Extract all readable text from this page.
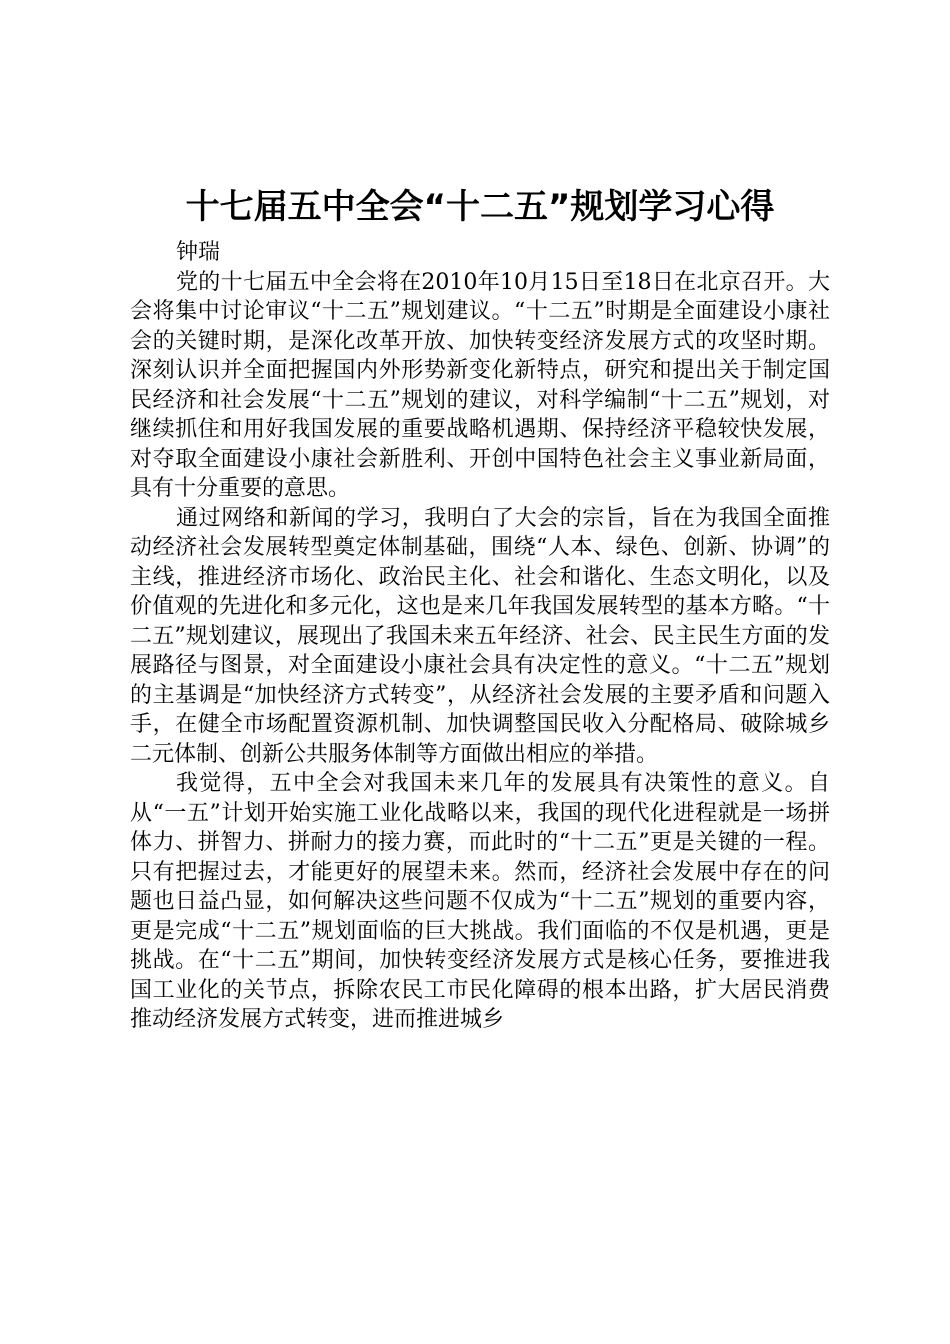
十七届五中全会“十二五”规划学习心得

钟瑞

党的十七届五中全会将在2010年10月15日至18日在北京召开。大会将集中讨论审议“十二五”规划建议。“十二五”时期是全面建设小康社会的关键时期，是深化改革开放、加快转变经济发展方式的攻坚时期。深刻认识并全面把握国内外形势新变化新特点，研究和提出关于制定国民经济和社会发展“十二五”规划的建议，对科学编制“十二五”规划，对继续抓住和用好我国发展的重要战略机遇期、保持经济平稳较快发展，对夺取全面建设小康社会新胜利、开创中国特色社会主义事业新局面，具有十分重要的意思。

通过网络和新闻的学习，我明白了大会的宗旨，旨在为我国全面推动经济社会发展转型奠定体制基础，围绕“人本、绿色、创新、协调”的主线，推进经济市场化、政治民主化、社会和谐化、生态文明化，以及价值观的先进化和多元化，这也是来几年我国发展转型的基本方略。“十二五”规划建议，展现出了我国未来五年经济、社会、民主民生方面的发展路径与图景，对全面建设小康社会具有决定性的意义。“十二五”规划的主基调是“加快经济方式转变”，从经济社会发展的主要矛盾和问题入手，在健全市场配置资源机制、加快调整国民收入分配格局、破除城乡二元体制、创新公共服务体制等方面做出相应的举措。

我觉得，五中全会对我国未来几年的发展具有决策性的意义。自从“一五”计划开始实施工业化战略以来，我国的现代化进程就是一场拼体力、拼智力、拼耐力的接力赛，而此时的“十二五”更是关键的一程。只有把握过去，才能更好的展望未来。然而，经济社会发展中存在的问题也日益凸显，如何解决这些问题不仅成为“十二五”规划的重要内容，更是完成“十二五”规划面临的巨大挑战。我们面临的不仅是机遇，更是挑战。在“十二五”期间，加快转变经济发展方式是核心任务，要推进我国工业化的关节点，拆除农民工市民化障碍的根本出路，扩大居民消费推动经济发展方式转变，进而推进城乡
